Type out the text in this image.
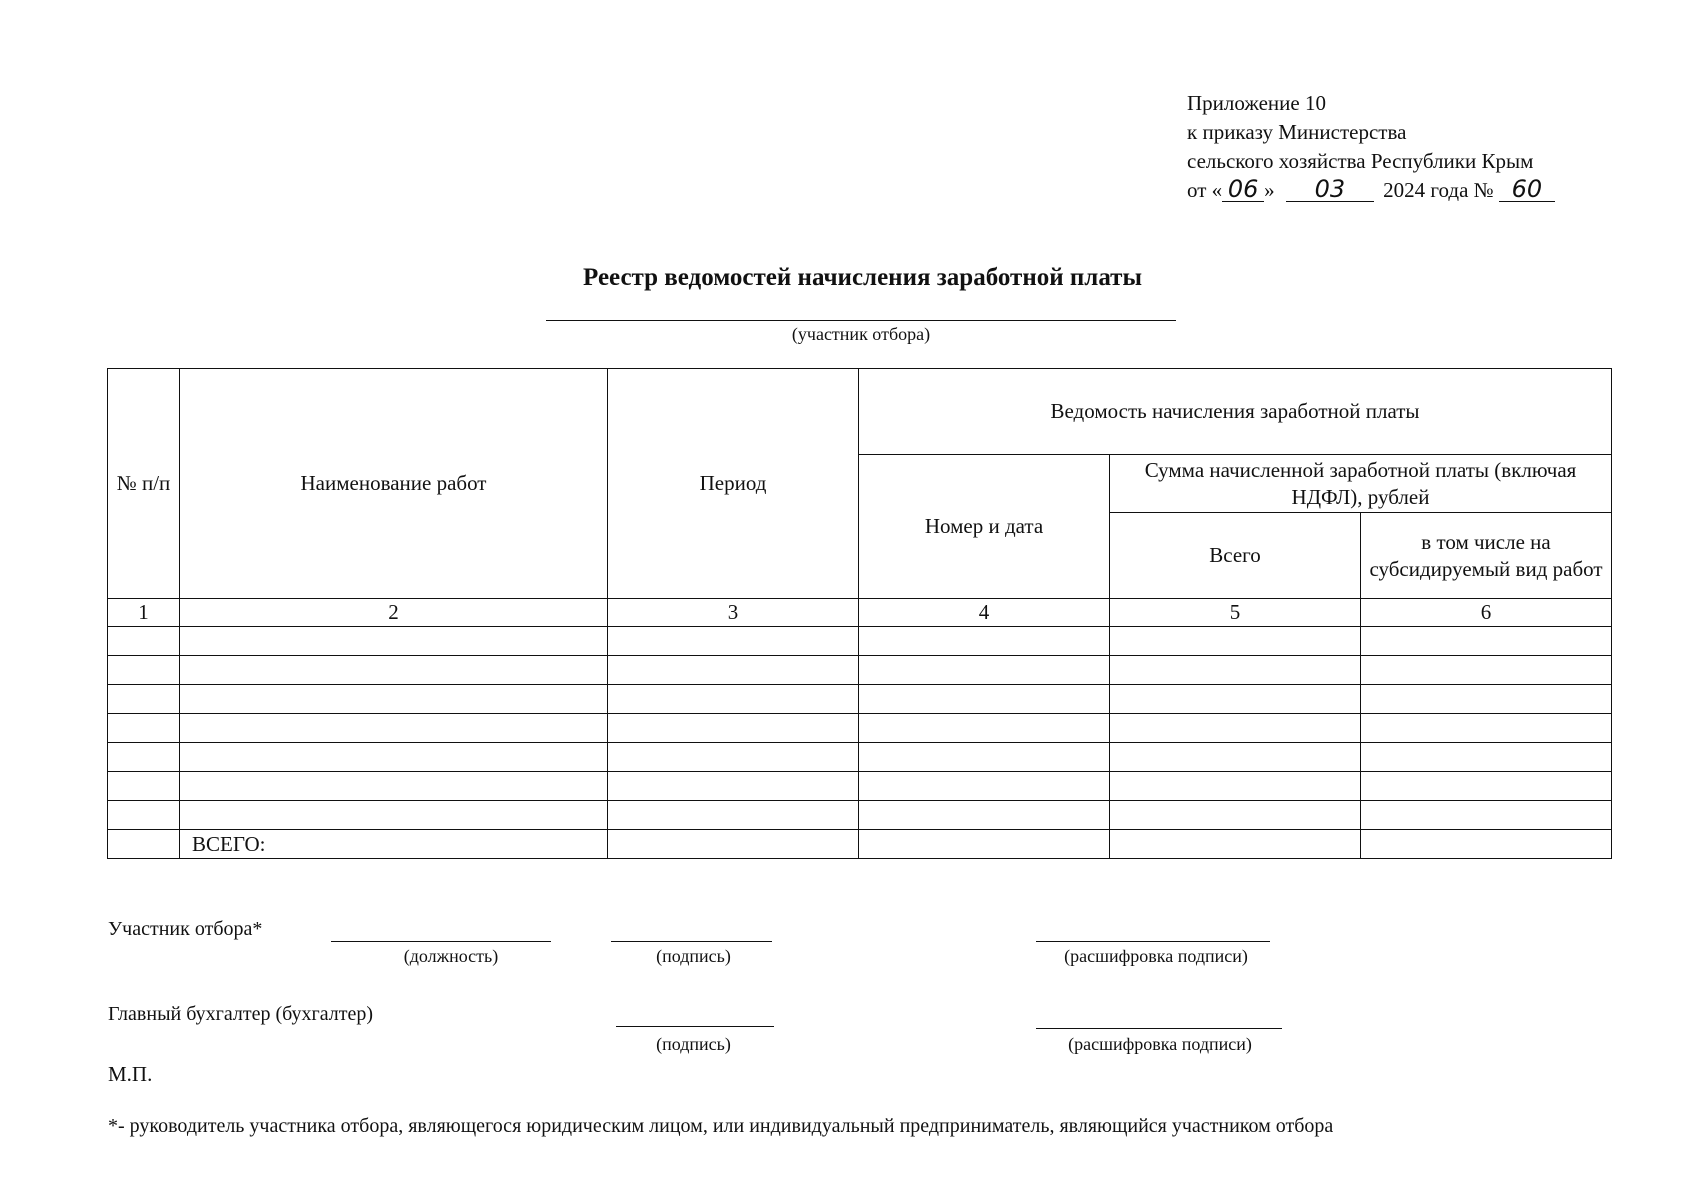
Приложение 10
к приказу Министерства
сельского хозяйства Республики Крым
от « 06 » 03 2024 года № 60
Реестр ведомостей начисления заработной платы
(участник отбора)
№ п/п	Наименование работ	Период	Ведомость начисления заработной платы		
			Номер и дата	Сумма начисленной заработной платы (включая НДФЛ), рублей	
				Всего	в том числе на субсидируемый вид работ
1	2	3	4	5	6

	ВСЕГО:				
Участник отбора*
(должность)	(подпись)	(расшифровка подписи)
Главный бухгалтер (бухгалтер)
(подпись)	(расшифровка подписи)
М.П.
*- руководитель участника отбора, являющегося юридическим лицом, или индивидуальный предприниматель, являющийся участником отбора
